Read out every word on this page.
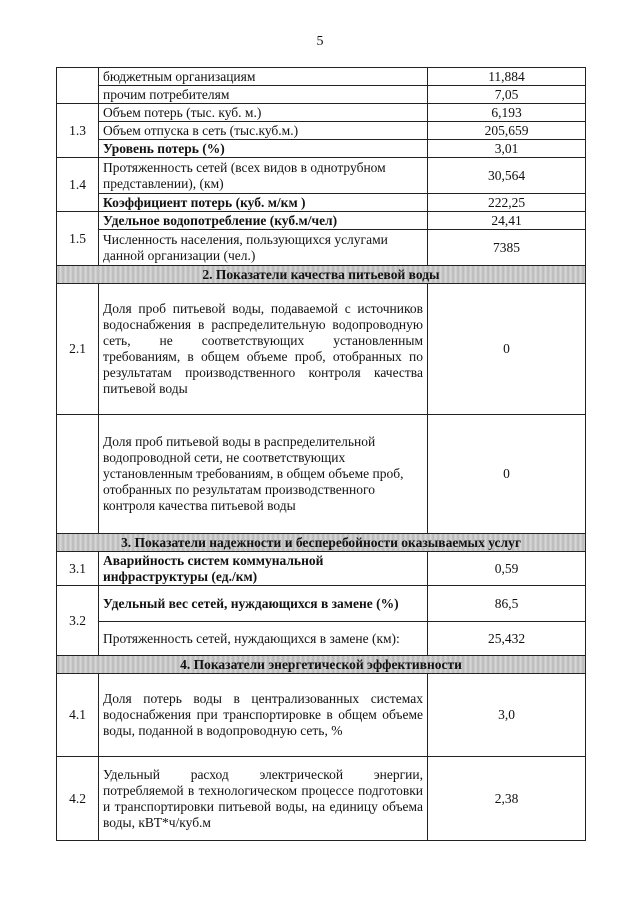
5
	бюджетным организациям	11,884
	прочим потребителям	7,05
1.3	Объем потерь (тыс. куб. м.)	6,193
	Объем отпуска в сеть (тыс.куб.м.)	205,659
	Уровень потерь (%)	3,01
1.4	Протяженность сетей (всех видов в однотрубном представлении), (км)	30,564
	Коэффициент потерь (куб. м/км )	222,25
1.5	Удельное водопотребление (куб.м/чел)	24,41
	Численность населения, пользующихся услугами данной организации (чел.)	7385
2. Показатели качества питьевой воды		
2.1	Доля проб питьевой воды, подаваемой с источников водоснабжения в распределительную водопроводную сеть, не соответствующих установленным требованиям, в общем объеме проб, отобранных по результатам производственного контроля качества питьевой воды	0
	Доля проб питьевой воды в распределительной водопроводной сети, не соответствующих установленным требованиям, в общем объеме проб, отобранных по результатам производственного контроля качества питьевой воды	0
3. Показатели надежности и бесперебойности оказываемых услуг		
3.1	Аварийность систем коммунальной инфраструктуры (ед./км)	0,59
3.2	Удельный вес сетей, нуждающихся в замене (%)	86,5
	Протяженность сетей, нуждающихся в замене (км):	25,432
4. Показатели энергетической эффективности		
4.1	Доля потерь воды в централизованных системах водоснабжения при транспортировке в общем объеме воды, поданной в водопроводную сеть, %	3,0
4.2	Удельный расход электрической энергии, потребляемой в технологическом процессе подготовки и транспортировки питьевой воды, на единицу объема воды, кВТ*ч/куб.м	2,38
